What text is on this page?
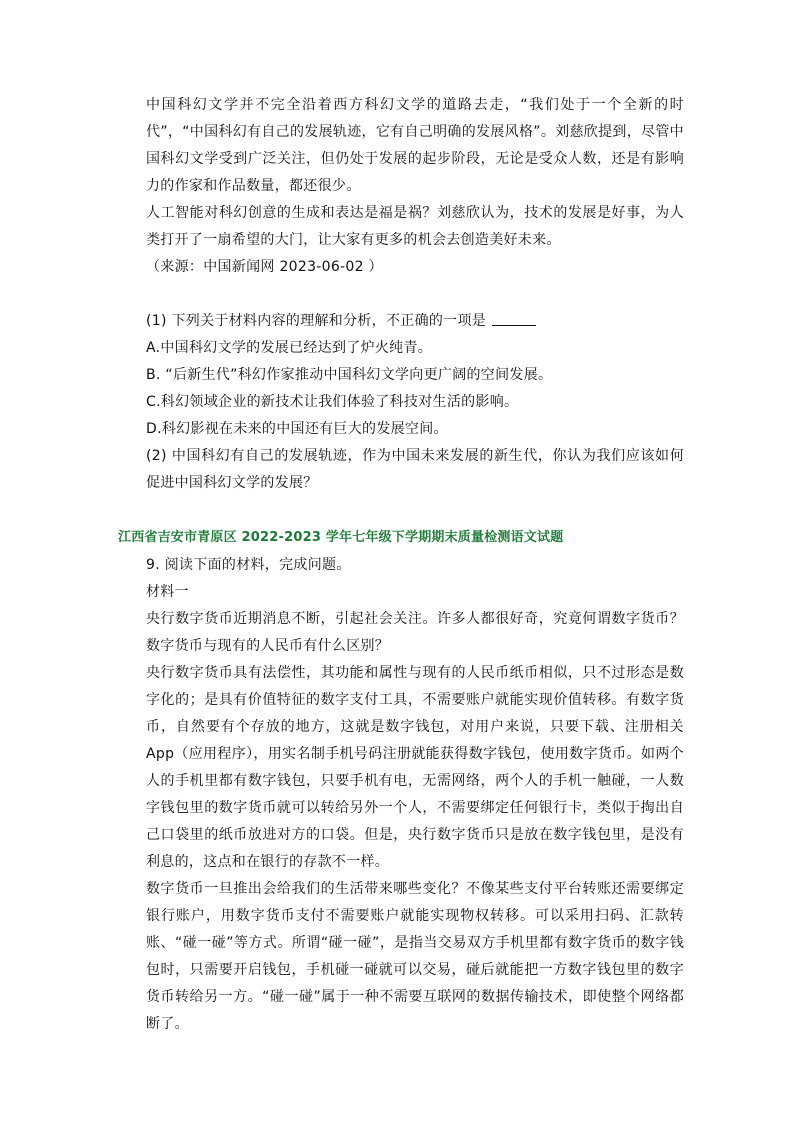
中国科幻文学并不完全沿着西方科幻文学的道路去走，“我们处于一个全新的时代”，“中国科幻有自己的发展轨迹，它有自己明确的发展风格”。刘慈欣提到，尽管中国科幻文学受到广泛关注，但仍处于发展的起步阶段，无论是受众人数，还是有影响力的作家和作品数量，都还很少。

人工智能对科幻创意的生成和表达是福是祸？刘慈欣认为，技术的发展是好事，为人类打开了一扇希望的大门，让大家有更多的机会去创造美好未来。

（来源：中国新闻网 2023-06-02 ）

(1) 下列关于材料内容的理解和分析，不正确的一项是

A.中国科幻文学的发展已经达到了炉火纯青。

B. “后新生代”科幻作家推动中国科幻文学向更广阔的空间发展。

C.科幻领域企业的新技术让我们体验了科技对生活的影响。

D.科幻影视在未来的中国还有巨大的发展空间。

(2) 中国科幻有自己的发展轨迹，作为中国未来发展的新生代，你认为我们应该如何促进中国科幻文学的发展？

江西省吉安市青原区 2022-2023 学年七年级下学期期末质量检测语文试题

9. 阅读下面的材料，完成问题。

材料一

央行数字货币近期消息不断，引起社会关注。许多人都很好奇，究竟何谓数字货币？数字货币与现有的人民币有什么区别？

央行数字货币具有法偿性，其功能和属性与现有的人民币纸币相似，只不过形态是数字化的；是具有价值特征的数字支付工具，不需要账户就能实现价值转移。有数字货币，自然要有个存放的地方，这就是数字钱包，对用户来说，只要下载、注册相关 App（应用程序），用实名制手机号码注册就能获得数字钱包，使用数字货币。如两个人的手机里都有数字钱包，只要手机有电，无需网络，两个人的手机一触碰，一人数字钱包里的数字货币就可以转给另外一个人，不需要绑定任何银行卡，类似于掏出自己口袋里的纸币放进对方的口袋。但是，央行数字货币只是放在数字钱包里，是没有利息的，这点和在银行的存款不一样。

数字货币一旦推出会给我们的生活带来哪些变化？不像某些支付平台转账还需要绑定银行账户，用数字货币支付不需要账户就能实现物权转移。可以采用扫码、汇款转账、“碰一碰”等方式。所谓“碰一碰”，是指当交易双方手机里都有数字货币的数字钱包时，只需要开启钱包，手机碰一碰就可以交易，碰后就能把一方数字钱包里的数字货币转给另一方。“碰一碰”属于一种不需要互联网的数据传输技术，即使整个网络都断了。
